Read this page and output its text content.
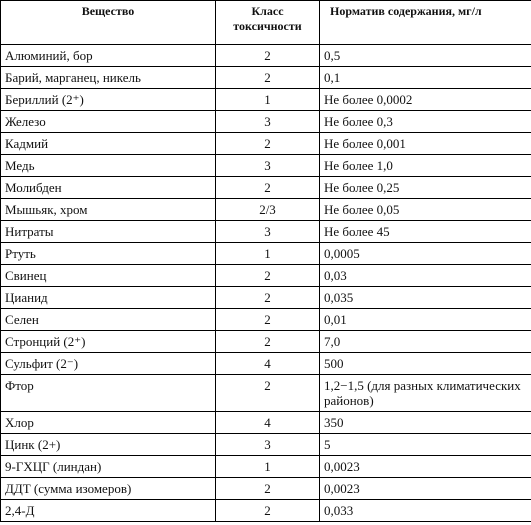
Вещество	Класс токсичности	Норматив содержания, мг/л
Алюминий, бор	2	0,5
Барий, марганец, никель	2	0,1
Бериллий (2⁺)	1	Не более 0,0002
Железо	3	Не более 0,3
Кадмий	2	Не более 0,001
Медь	3	Не более 1,0
Молибден	2	Не более 0,25
Мышьяк, хром	2/3	Не более 0,05
Нитраты	3	Не более 45
Ртуть	1	0,0005
Свинец	2	0,03
Цианид	2	0,035
Селен	2	0,01
Стронций (2⁺)	2	7,0
Сульфит (2⁻)	4	500
Фтор	2	1,2−1,5 (для разных климатических районов)
Хлор	4	350
Цинк (2+)	3	5
9-ГХЦГ (линдан)	1	0,0023
ДДТ (сумма изомеров)	2	0,0023
2,4-Д	2	0,033
